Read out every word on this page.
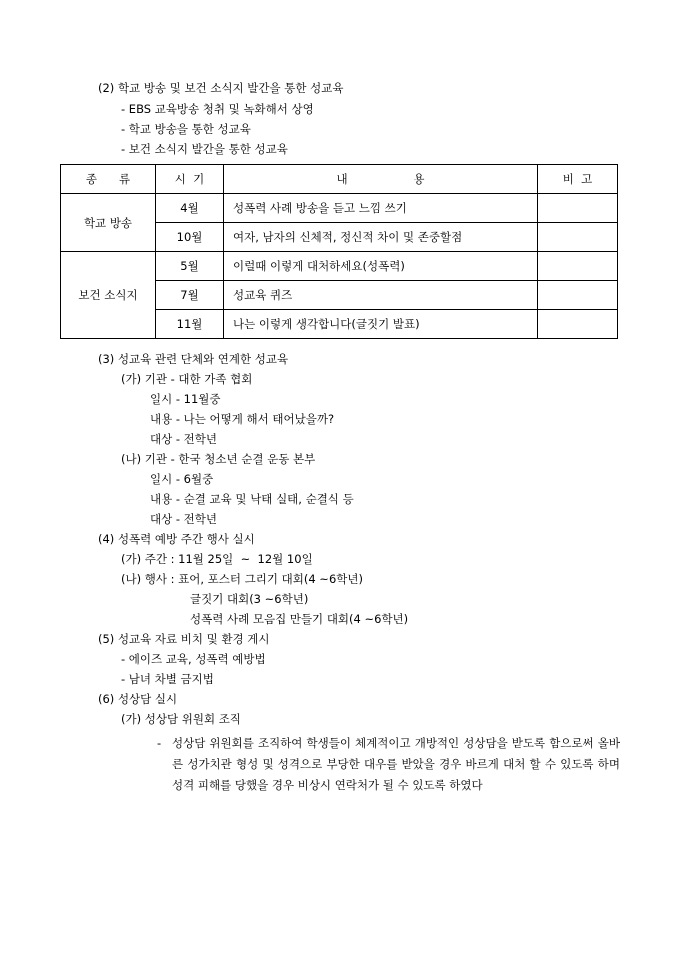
(2) 학교 방송 및 보건 소식지 발간을 통한 성교육
- EBS 교육방송 청취 및 녹화해서 상영
- 학교 방송을 통한 성교육
- 보건 소식지 발간을 통한 성교육
종      류	시  기	내                  용	비  고
학교 방송	4월	성폭력 사례 방송을 듣고 느낌 쓰기	
	10월	여자, 남자의 신체적, 정신적 차이 및 존중할점	
보건 소식지	5월	이럴때 이렇게 대처하세요(성폭력)	
	7월	성교육 퀴즈	
	11월	나는 이렇게 생각합니다(글짓기 발표)	
(3) 성교육 관련 단체와 연계한 성교육
(가) 기관 - 대한 가족 협회
일시 - 11월중
내용 - 나는 어떻게 해서 태어났을까?
대상 - 전학년
(나) 기관 - 한국 청소년 순결 운동 본부
일시 - 6월중
내용 - 순결 교육 및 낙태 실태, 순결식 등
대상 - 전학년
(4) 성폭력 예방 주간 행사 실시
(가) 주간 : 11월 25일  ~  12월 10일
(나) 행사 : 표어, 포스터 그리기 대회(4 ~6학년)
글짓기 대회(3 ~6학년)
성폭력 사례 모음집 만들기 대회(4 ~6학년)
(5) 성교육 자료 비치 및 환경 게시
- 에이즈 교육, 성폭력 예방법
- 남녀 차별 금지법
(6) 성상담 실시
(가) 성상담 위원회 조직
- 성상담 위원회를 조직하여 학생들이 체계적이고 개방적인 성상담을 받도록 함으로써 올바른 성가치관 형성 및 성격으로 부당한 대우를 받았을 경우 바르게 대처 할 수 있도록 하며 성격 피해를 당했을 경우 비상시 연락처가 될 수 있도록 하였다
